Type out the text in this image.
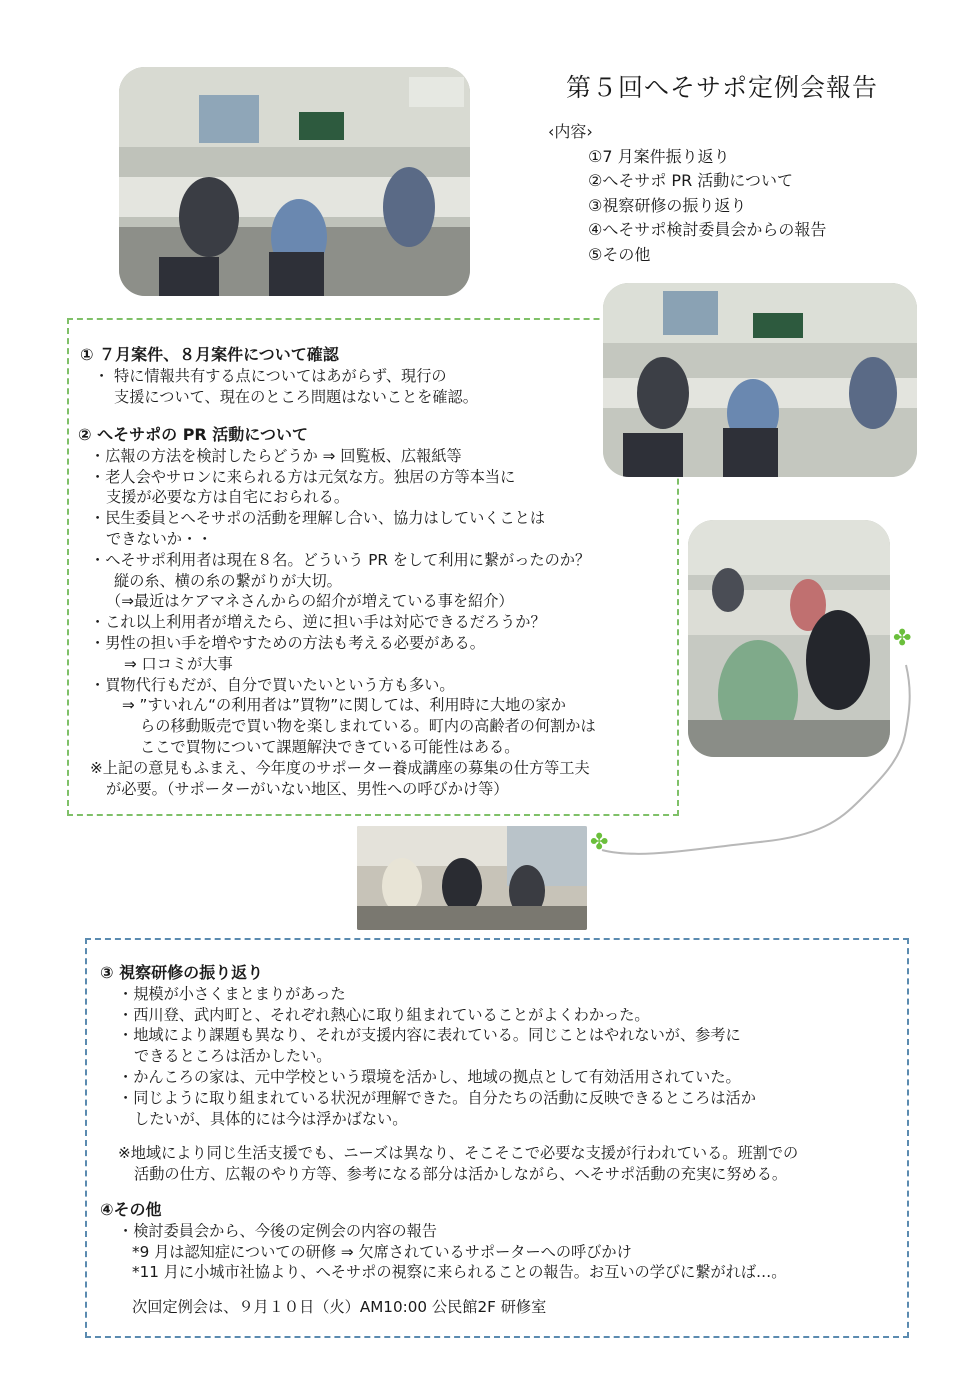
第５回へそサポ定例会報告
‹内容›
①7 月案件振り返り
②へそサポ PR 活動について
③視察研修の振り返り
④へそサポ検討委員会からの報告
⑤その他
① ７月案件、８月案件について確認
・ 特に情報共有する点についてはあがらず、現行の
支援について、現在のところ問題はないことを確認。
② へそサポの PR 活動について
・広報の方法を検討したらどうか ⇒ 回覧板、広報紙等
・老人会やサロンに来られる方は元気な方。独居の方等本当に
支援が必要な方は自宅におられる。
・民生委員とへそサポの活動を理解し合い、協力はしていくことは
できないか・・
・へそサポ利用者は現在８名。どういう PR をして利用に繋がったのか？
縦の糸、横の糸の繋がりが大切。
（⇒最近はケアマネさんからの紹介が増えている事を紹介）
・これ以上利用者が増えたら、逆に担い手は対応できるだろうか？
・男性の担い手を増やすための方法も考える必要がある。
⇒ 口コミが大事
・買物代行もだが、自分で買いたいという方も多い。
⇒ ”すいれん“の利用者は”買物”に関しては、利用時に大地の家か
らの移動販売で買い物を楽しまれている。町内の高齢者の何割かは
ここで買物について課題解決できている可能性はある。
※上記の意見もふまえ、今年度のサポーター養成講座の募集の仕方等工夫
が必要。（サポーターがいない地区、男性への呼びかけ等）
✤
✤
③ 視察研修の振り返り
・規模が小さくまとまりがあった
・西川登、武内町と、それぞれ熱心に取り組まれていることがよくわかった。
・地域により課題も異なり、それが支援内容に表れている。同じことはやれないが、参考に
できるところは活かしたい。
・かんころの家は、元中学校という環境を活かし、地域の拠点として有効活用されていた。
・同じように取り組まれている状況が理解できた。自分たちの活動に反映できるところは活か
したいが、具体的には今は浮かばない。
※地域により同じ生活支援でも、ニーズは異なり、そこそこで必要な支援が行われている。班割での
活動の仕方、広報のやり方等、参考になる部分は活かしながら、へそサポ活動の充実に努める。
④その他
・検討委員会から、今後の定例会の内容の報告
*9 月は認知症についての研修 ⇒ 欠席されているサポーターへの呼びかけ
*11 月に小城市社協より、へそサポの視察に来られることの報告。お互いの学びに繋がれば…。
次回定例会は、９月１０日（火）AM10:00 公民館2F 研修室
